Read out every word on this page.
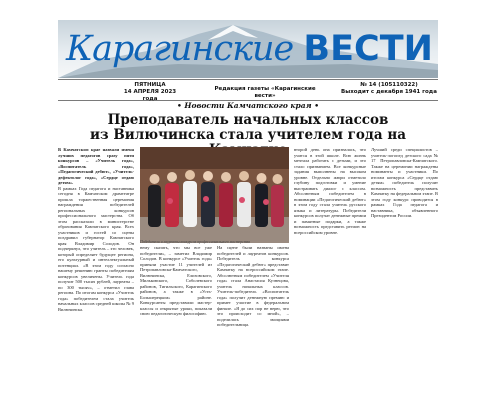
Карагинские ВЕСТИ
ПЯТНИЦА
14 АПРЕЛЯ 2023 года
Редакция газеты «Карагинские вести»
№ 14 (105110322)
Выходит с декабря 1941 года
• Новости Камчатского края •
Преподаватель начальных классов
из Вилючинска стала учителем года на
В Камчатском крае назвали имена лучших педагогов сразу пяти конкурсов – «Учитель года», «Воспитатель года», «Педагогический дебют», «Учитель-дефектолог года», «Сердце отдаю детям».
В рамках Года педагога и наставника сегодня в Камчатском драмтеатре прошла торжественная церемония награждения победителей региональных конкурсов профессионального мастерства. Об этом рассказали в министерстве образования Камчатского края. Всех участников и гостей со сцены поздравил губернатор Камчатского края Владимир Солодов. Он подчеркнул, что учитель – это человек, который определяет будущее региона, его культурный и интеллектуальный потенциал. «В этом году согласно нашему решению гранты победителям конкурсов увеличены. Учитель года получит 500 тысяч рублей, лауреаты – по 300 тысяч», – отметил глава региона. По итогам конкурса «Учитель года» победителем стала учитель начальных классов средней школы № 9 Вилючинска.
Победители и лауреаты конкурсов профессионального мастерства
нему сказать, что мы все уже победители», – заметил Владимир Солодов. В конкурсе «Учитель года» приняли участие 11 учителей из Петропавловска-Камчатского, Вилючинска, Елизовского, Мильковского, Соболевского районов, Тигильского, Карагинского районов, а также в «Усть-Большерецком» районе. Конкурсанты представили мастер-классы и открытые уроки, показали свою педагогическую философию.
На сцене были названы имена победителей и лауреатов конкурсов. Победитель конкурса «Педагогический дебют» представит Камчатку на всероссийском этапе. Абсолютным победителем «Учителя года» стала Анастасия Кузнецова, учитель начальных классов. Учитель-победитель «Воспитатель года» получит денежную премию и примет участие в федеральном финале. «Я до сих пор не верю, что это происходит со мной», – поделилась эмоциями победительница.
второй день она призналась, что учится в этой школе. Всю жизнь мечтала работать с детьми, и это стало призванием. Все конкурсные задания выполнены на высоком уровне. Отдельно жюри отметило глубину подготовки и умение выстраивать диалог с классом. Абсолютным победителем в номинации «Педагогический дебют» в этом году стала учитель русского языка и литературы. Победители конкурсов получат денежные премии и памятные подарки, а также возможность представить регион на всероссийском уровне.
Лучший среди специалистов – учитель-логопед детского сада № 17 Петропавловска-Камчатского. Также на церемонии награждены номинанты и участники. По итогам конкурса «Сердце отдаю детям» победитель получит возможность представить Камчатку на федеральном этапе. В этом году конкурс проводится в рамках Года педагога и наставника, объявленного Президентом России.
